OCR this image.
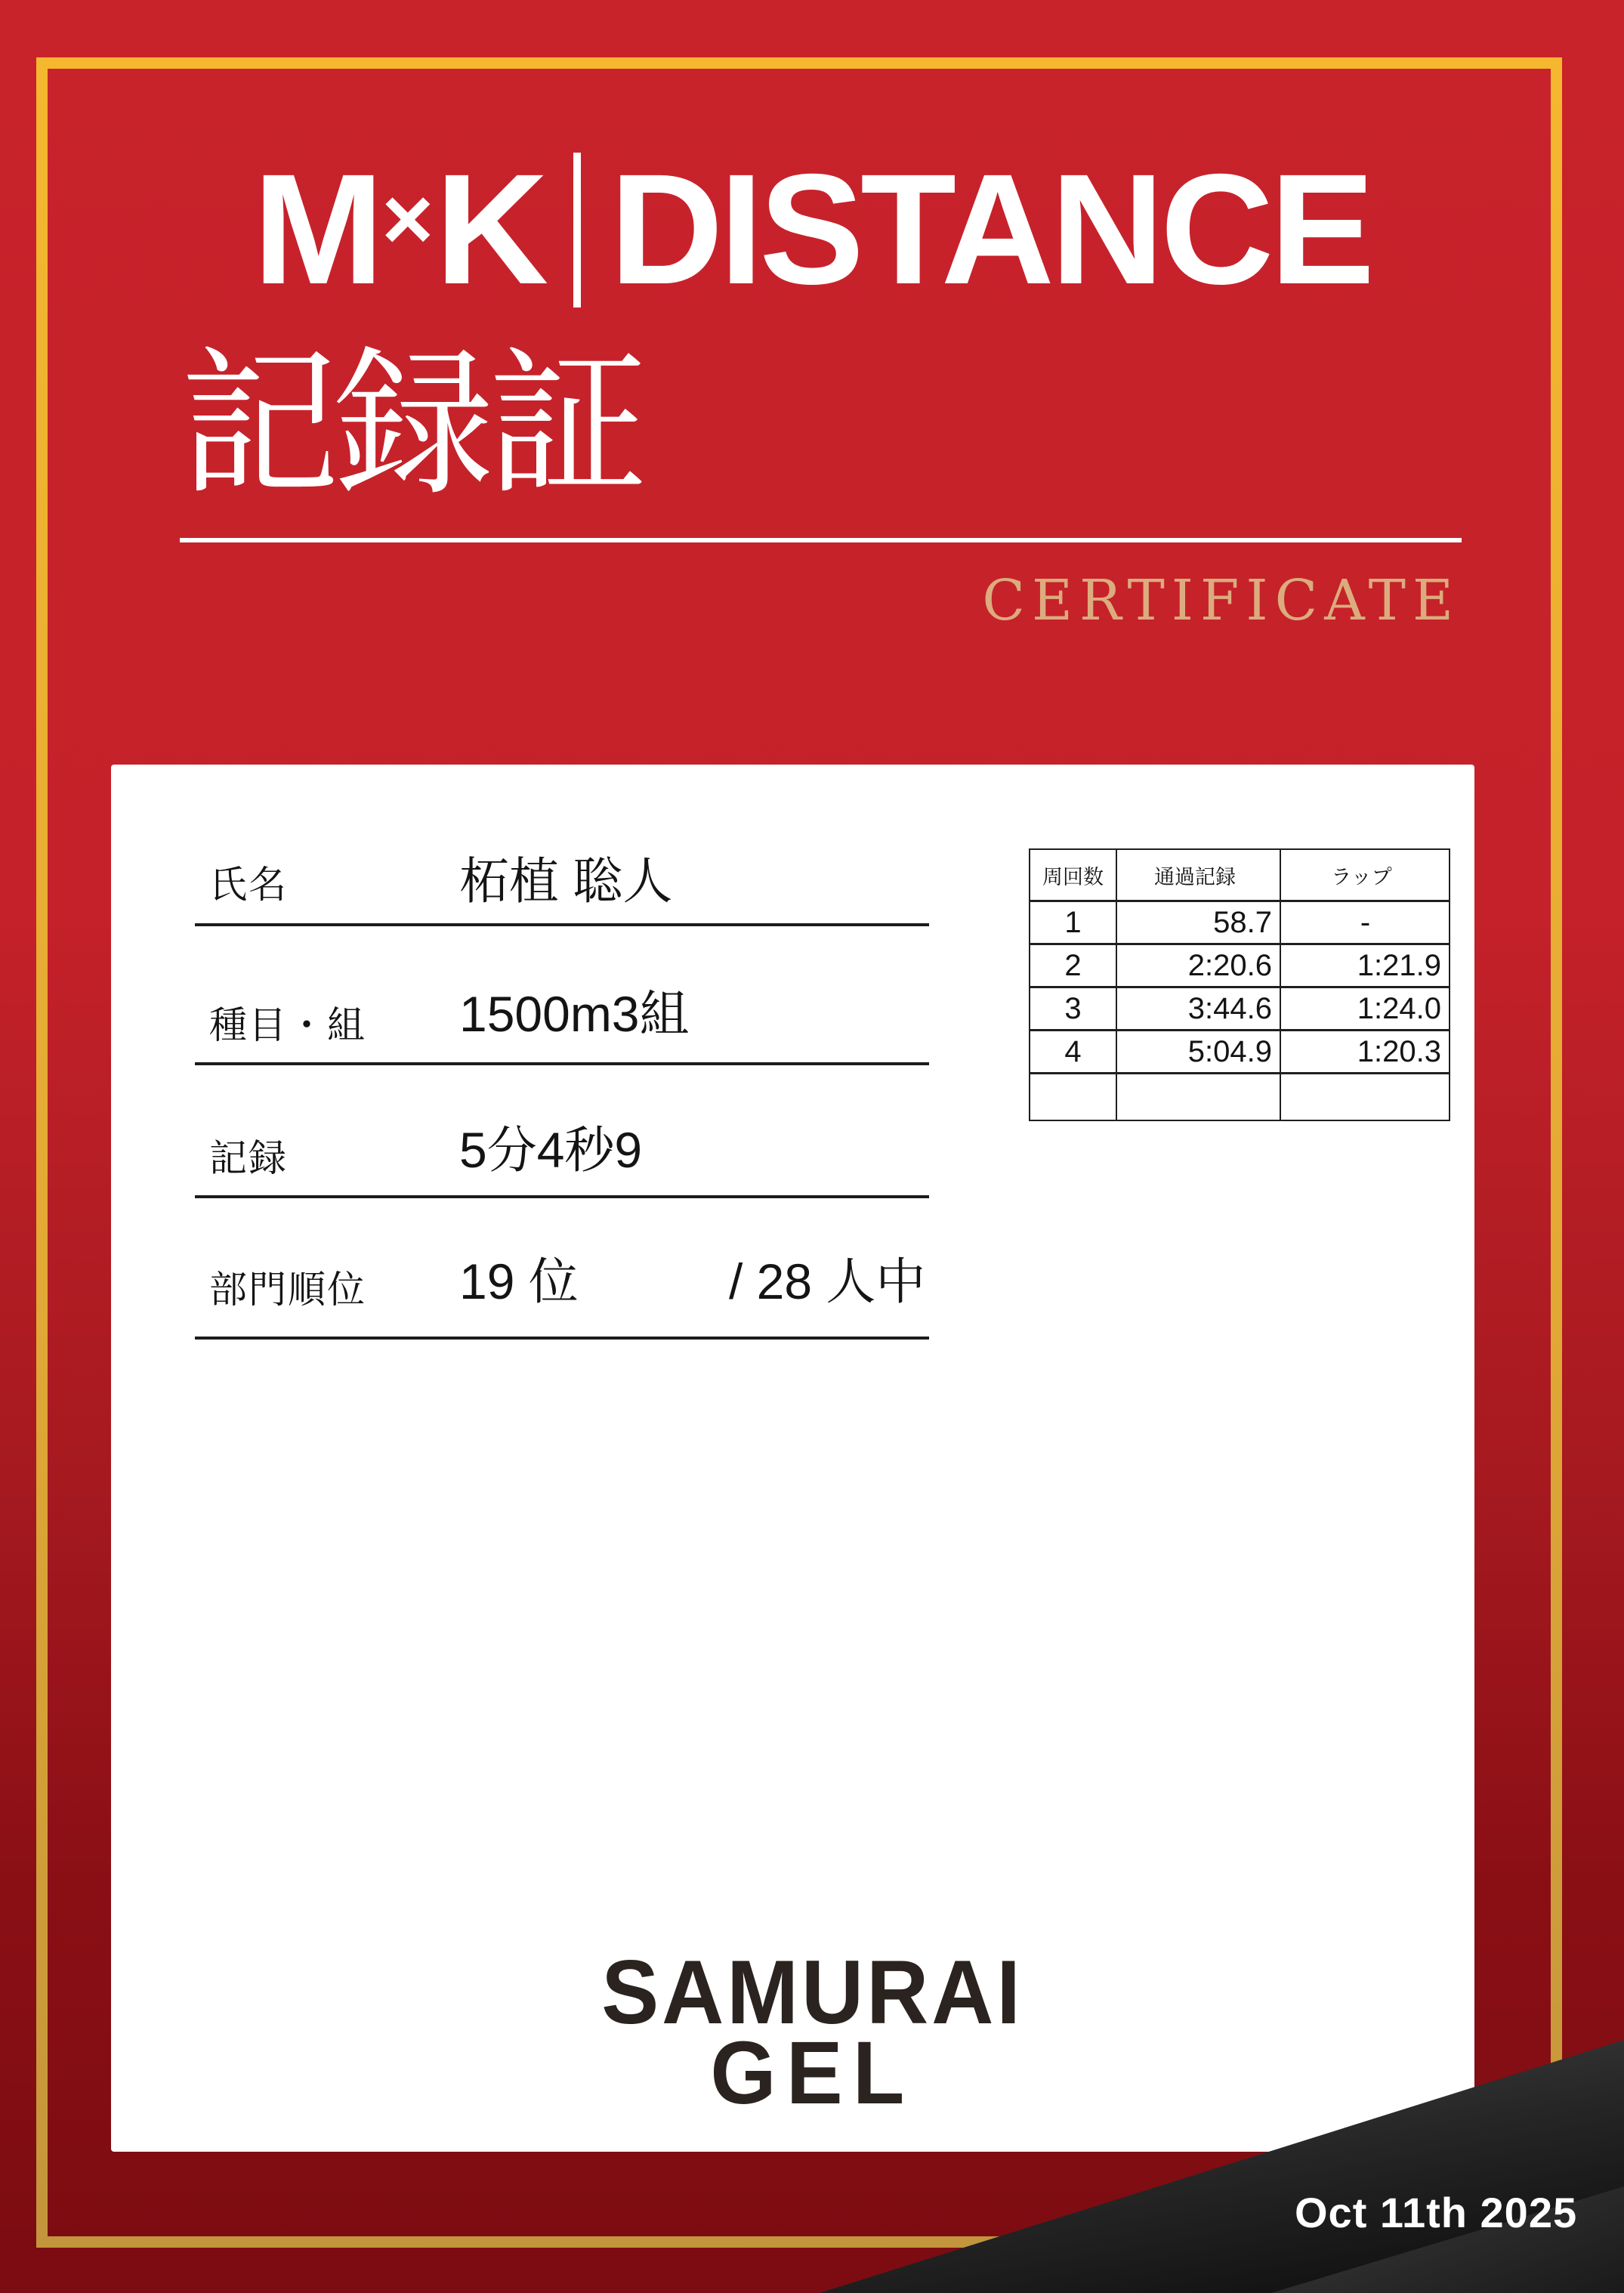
M × K DISTANCE
記録証
CERTIFICATE
氏名	柘植 聡人
種目・組 1500m3組
記録	5分4秒9
部門順位 19 位	/ 28 人中
周回数	通過記録	ラップ
1	58.7	-
2	2:20.6	1:21.9
3	3:44.6	1:24.0
4	5:04.9	1:20.3

SAMURAI
GEL
Oct 11th 2025
